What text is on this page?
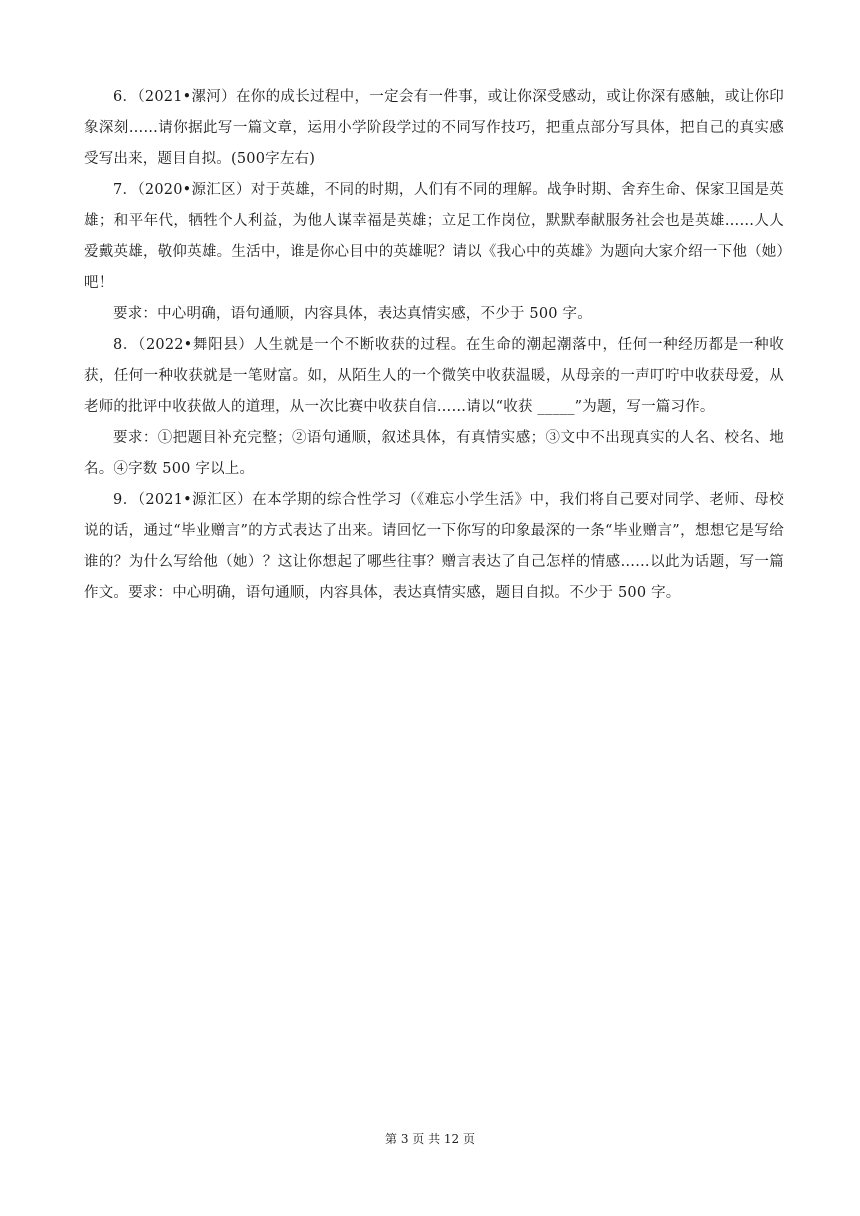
6．（2021•漯河）在你的成长过程中，一定会有一件事，或让你深受感动，或让你深有感触，或让你印象深刻……请你据此写一篇文章，运用小学阶段学过的不同写作技巧，把重点部分写具体，把自己的真实感受写出来，题目自拟。(500字左右)

7．（2020•源汇区）对于英雄，不同的时期，人们有不同的理解。战争时期、舍弃生命、保家卫国是英雄；和平年代，牺牲个人利益，为他人谋幸福是英雄；立足工作岗位，默默奉献服务社会也是英雄……人人爱戴英雄，敬仰英雄。生活中，谁是你心目中的英雄呢？请以《我心中的英雄》为题向大家介绍一下他（她）吧！

要求：中心明确，语句通顺，内容具体，表达真情实感，不少于 500 字。

8．（2022•舞阳县）人生就是一个不断收获的过程。在生命的潮起潮落中，任何一种经历都是一种收获，任何一种收获就是一笔财富。如，从陌生人的一个微笑中收获温暖，从母亲的一声叮咛中收获母爱，从老师的批评中收获做人的道理，从一次比赛中收获自信……请以“收获 _____”为题，写一篇习作。

要求：①把题目补充完整；②语句通顺，叙述具体，有真情实感；③文中不出现真实的人名、校名、地名。④字数 500 字以上。

9．（2021•源汇区）在本学期的综合性学习（《难忘小学生活》中，我们将自己要对同学、老师、母校说的话，通过“毕业赠言”的方式表达了出来。请回忆一下你写的印象最深的一条“毕业赠言”，想想它是写给谁的？为什么写给他（她）？这让你想起了哪些往事？赠言表达了自己怎样的情感……以此为话题，写一篇作文。要求：中心明确，语句通顺，内容具体，表达真情实感，题目自拟。不少于 500 字。

第 3 页 共 12 页
